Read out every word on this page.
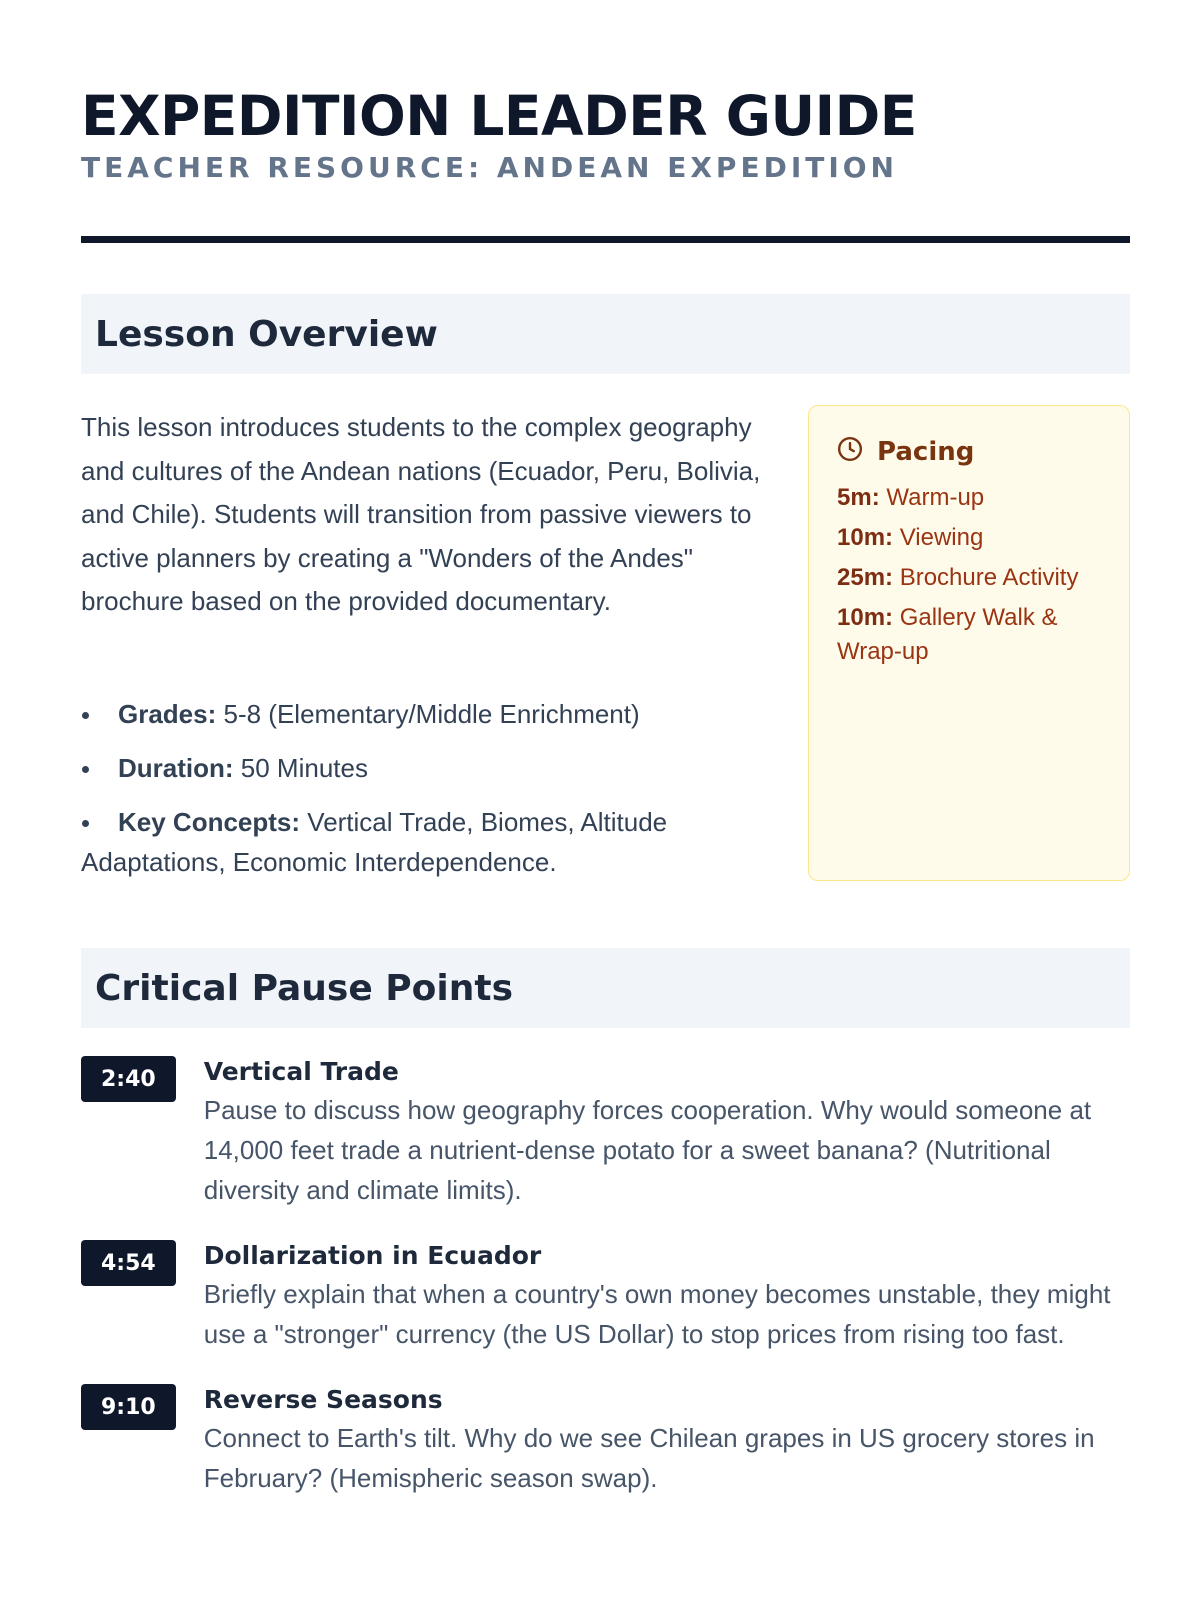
EXPEDITION LEADER GUIDE
TEACHER RESOURCE: ANDEAN EXPEDITION
Lesson Overview

This lesson introduces students to the complex geography and cultures of the Andean nations (Ecuador, Peru, Bolivia, and Chile). Students will transition from passive viewers to active planners by creating a "Wonders of the Andes" brochure based on the provided documentary.

Grades: 5-8 (Elementary/Middle Enrichment)
Duration: 50 Minutes
Key Concepts: Vertical Trade, Biomes, Altitude Adaptations, Economic Interdependence.
Pacing
5m: Warm-up
10m: Viewing
25m: Brochure Activity
10m: Gallery Walk & Wrap-up
Critical Pause Points
2:40	Vertical Trade
Pause to discuss how geography forces cooperation. Why would someone at 14,000 feet trade a nutrient-dense potato for a sweet banana? (Nutritional diversity and climate limits).
4:54	Dollarization in Ecuador
Briefly explain that when a country's own money becomes unstable, they might use a "stronger" currency (the US Dollar) to stop prices from rising too fast.
9:10	Reverse Seasons
Connect to Earth's tilt. Why do we see Chilean grapes in US grocery stores in February? (Hemispheric season swap).
